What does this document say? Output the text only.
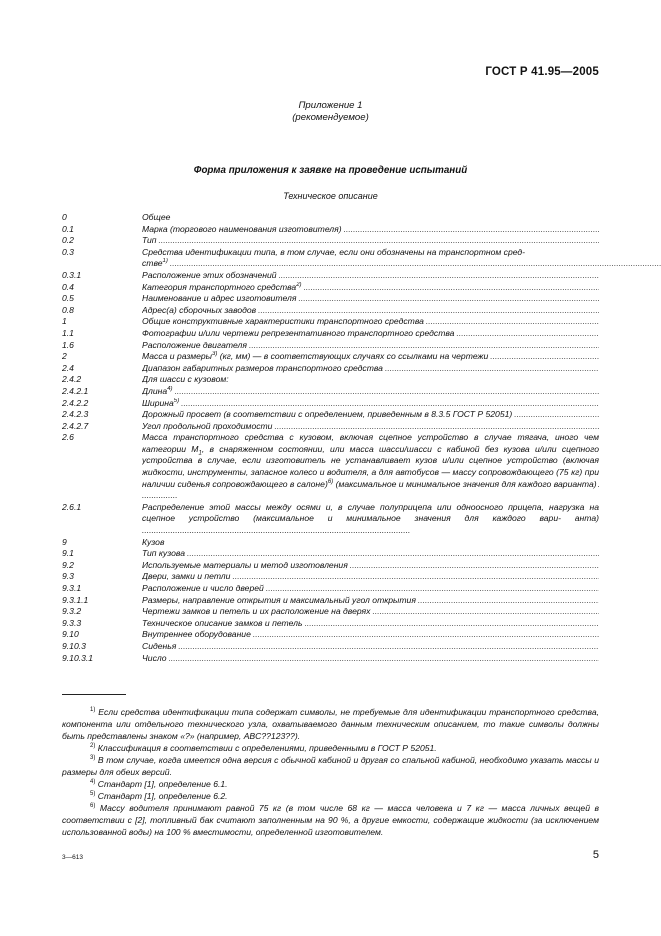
ГОСТ Р 41.95—2005
Приложение 1
(рекомендуемое)
Форма приложения к заявке на проведение испытаний
Техническое описание
0	Общее
0.1	Марка (торгового наименования изготовителя)
. . .
0.2	Тип
. . .
0.3	Средства идентификации типа, в том случае, если они обозначены на транспортном сред-
стве$^{1)}$
. . .
0.3.1	Расположение этих обозначений
. . .
0.4	Категория транспортного средства$^{2)}$
. . .
0.5	Наименование и адрес изготовителя
. . .
0.8	Адрес(а) сборочных заводов
. . .
1	Общие конструктивные характеристики транспортного средства
. . .
1.1	Фотографии и/или чертежи репрезентативного транспортного средства
. . .
1.6	Расположение двигателя
. . .
2	Масса и размеры$^{3)}$ (кг, мм) — в соответствующих случаях со ссылками на чертежи
. . .
2.4	Диапазон габаритных размеров транспортного средства
. . .
2.4.2	Для шасси с кузовом:
2.4.2.1	Длина$^{4)}$
. . .
2.4.2.2	Ширина$^{5)}$
. . .
2.4.2.3	Дорожный просвет (в соответствии с определением, приведенным в 8.3.5 ГОСТ Р 52051)
. . .
2.4.2.7	Угол продольной проходимости
. . .
2.6	Масса транспортного средства с кузовом, включая сцепное устройство в случае тягача, иного чем категории $M_1$, в снаряженном состоянии, или масса шасси/шасси с кабиной без кузова и/или сцепного устройства в случае, если изготовитель не устанавливает кузов и/или сцепное устройство (включая жидкости, инструменты, запасное колесо и водителя, а для автобусов — массу сопровождающего (75 кг) при наличии сиденья сопровождающего в салоне)$^{6)}$ (максимальное и минимальное значения для каждого варианта) . . . . . . . . . . . . . . . .
2.6.1	Распределение этой массы между осями и, в случае полуприцепа или одноосного прицепа, нагрузка на сцепное устройство (максимальное и минимальное значения для каждого вари- анта) . . . . . . . . . . . . . . . . . . . . . . . . . . . . . . . . . . . . . . . . . . . . . . . . . . . . . . . . . . . . . . . . . . . . . . . . . . . . . . . . . . . . . . . . . . . . . . . . . . . . . . . . . . . . . . . . .
9	Кузов
9.1	Тип кузова
. . .
9.2	Используемые материалы и метод изготовления
. . .
9.3	Двери, замки и петли
. . .
9.3.1	Расположение и число дверей
. . .
9.3.1.1	Размеры, направление открытия и максимальный угол открытия
. . .
9.3.2	Чертежи замков и петель и их расположение на дверях
. . .
9.3.3	Техническое описание замков и петель
. . .
9.10	Внутреннее оборудование
. . .
9.10.3	Сиденья
. . .
9.10.3.1	Число
. . .
$^{1)}$ Если средства идентификации типа содержат символы, не требуемые для идентификации транспортного средства, компонента или отдельного технического узла, охватываемого данным техническим описанием, то такие символы должны быть представлены знаком «?» (например, ABC??123??).
$^{2)}$ Классификация в соответствии с определениями, приведенными в ГОСТ Р 52051.
$^{3)}$ В том случае, когда имеется одна версия с обычной кабиной и другая со спальной кабиной, необходимо указать массы и размеры для обеих версий.
$^{4)}$ Стандарт [1], определение 6.1.
$^{5)}$ Стандарт [1], определение 6.2.
$^{6)}$ Массу водителя принимают равной 75 кг (в том числе 68 кг — масса человека и 7 кг — масса личных вещей в соответствии с [2], топливный бак считают заполненным на 90 %, а другие емкости, содержащие жидкости (за исключением использованной воды) на 100 % вместимости, определенной изготовителем.
3—613	5
